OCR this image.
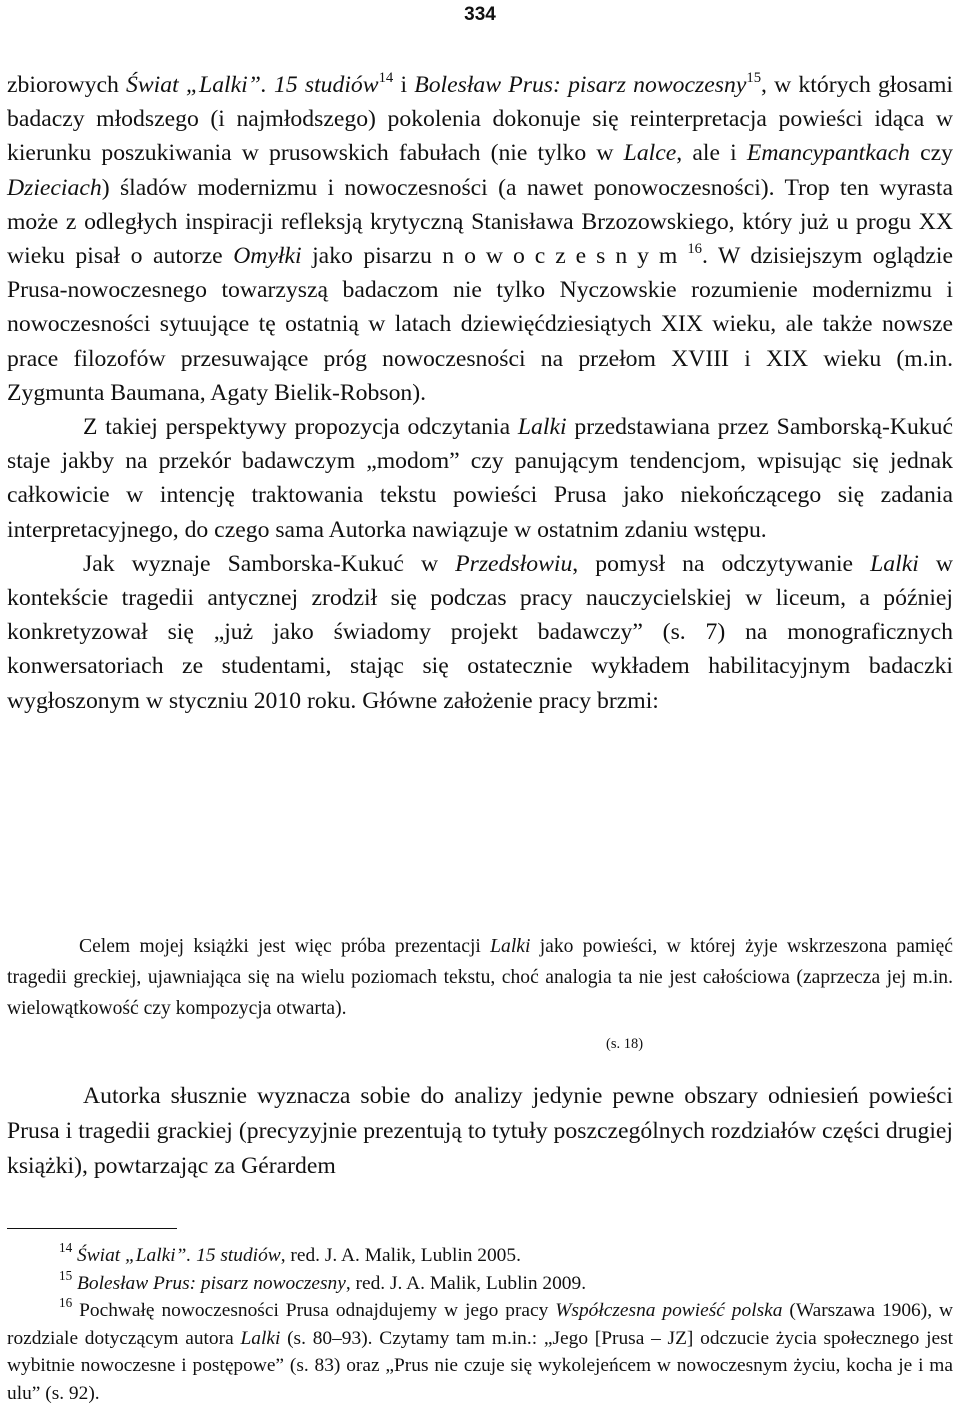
334

zbiorowych Świat „Lalki”. 15 studiów$^{14}$ i Bolesław Prus: pisarz nowoczesny$^{15}$, w których głosami badaczy młodszego (i najmłodszego) pokolenia dokonuje się reinterpretacja powieści idąca w kierunku poszukiwania w prusowskich fabułach (nie tylko w Lalce, ale i Emancypantkach czy Dzieciach) śladów modernizmu i nowoczesności (a nawet ponowoczesności). Trop ten wyrasta może z odległych inspiracji refleksją krytyczną Stanisława Brzozowskiego, który już u progu XX wieku pisał o autorze Omyłki jako pisarzu nowoczesnym$^{16}$. W dzisiejszym oglądzie Prusa-nowoczesnego towarzyszą badaczom nie tylko Nyczowskie rozumienie modernizmu i nowoczesności sytuujące tę ostatnią w latach dziewięćdziesiątych XIX wieku, ale także nowsze prace filozofów przesuwające próg nowoczesności na przełom XVIII i XIX wieku (m.in. Zygmunta Baumana, Agaty Bielik-Robson).

Z takiej perspektywy propozycja odczytania Lalki przedstawiana przez Samborską-Kukuć staje jakby na przekór badawczym „modom” czy panującym tendencjom, wpisując się jednak całkowicie w intencję traktowania tekstu powieści Prusa jako niekończącego się zadania interpretacyjnego, do czego sama Autorka nawiązuje w ostatnim zdaniu wstępu.

Jak wyznaje Samborska-Kukuć w Przedsłowiu, pomysł na odczytywanie Lalki w kontekście tragedii antycznej zrodził się podczas pracy nauczycielskiej w liceum, a później konkretyzował się „już jako świadomy projekt badawczy” (s. 7) na monograficznych konwersatoriach ze studentami, stając się ostatecznie wykładem habilitacyjnym badaczki wygłoszonym w styczniu 2010 roku. Główne założenie pracy brzmi:

Celem mojej książki jest więc próba prezentacji Lalki jako powieści, w której żyje wskrzeszona pamięć tragedii greckiej, ujawniająca się na wielu poziomach tekstu, choć analogia ta nie jest całościowa (zaprzecza jej m.in. wielowątkowość czy kompozycja otwarta).

(s. 18)

Autorka słusznie wyznacza sobie do analizy jedynie pewne obszary odniesień powieści Prusa i tragedii grackiej (precyzyjnie prezentują to tytuły poszczególnych rozdziałów części drugiej książki), powtarzając za Gérardem

$^{14}$ Świat „Lalki”. 15 studiów, red. J. A. Malik, Lublin 2005.

$^{15}$ Bolesław Prus: pisarz nowoczesny, red. J. A. Malik, Lublin 2009.

$^{16}$ Pochwałę nowoczesności Prusa odnajdujemy w jego pracy Współczesna powieść polska (Warszawa 1906), w rozdziale dotyczącym autora Lalki (s. 80–93). Czytamy tam m.in.: „Jego [Prusa – JZ] odczucie życia społecznego jest wybitnie nowoczesne i postępowe” (s. 83) oraz „Prus nie czuje się wykolejeńcem w nowoczesnym życiu, kocha je i ma ulu” (s. 92).
